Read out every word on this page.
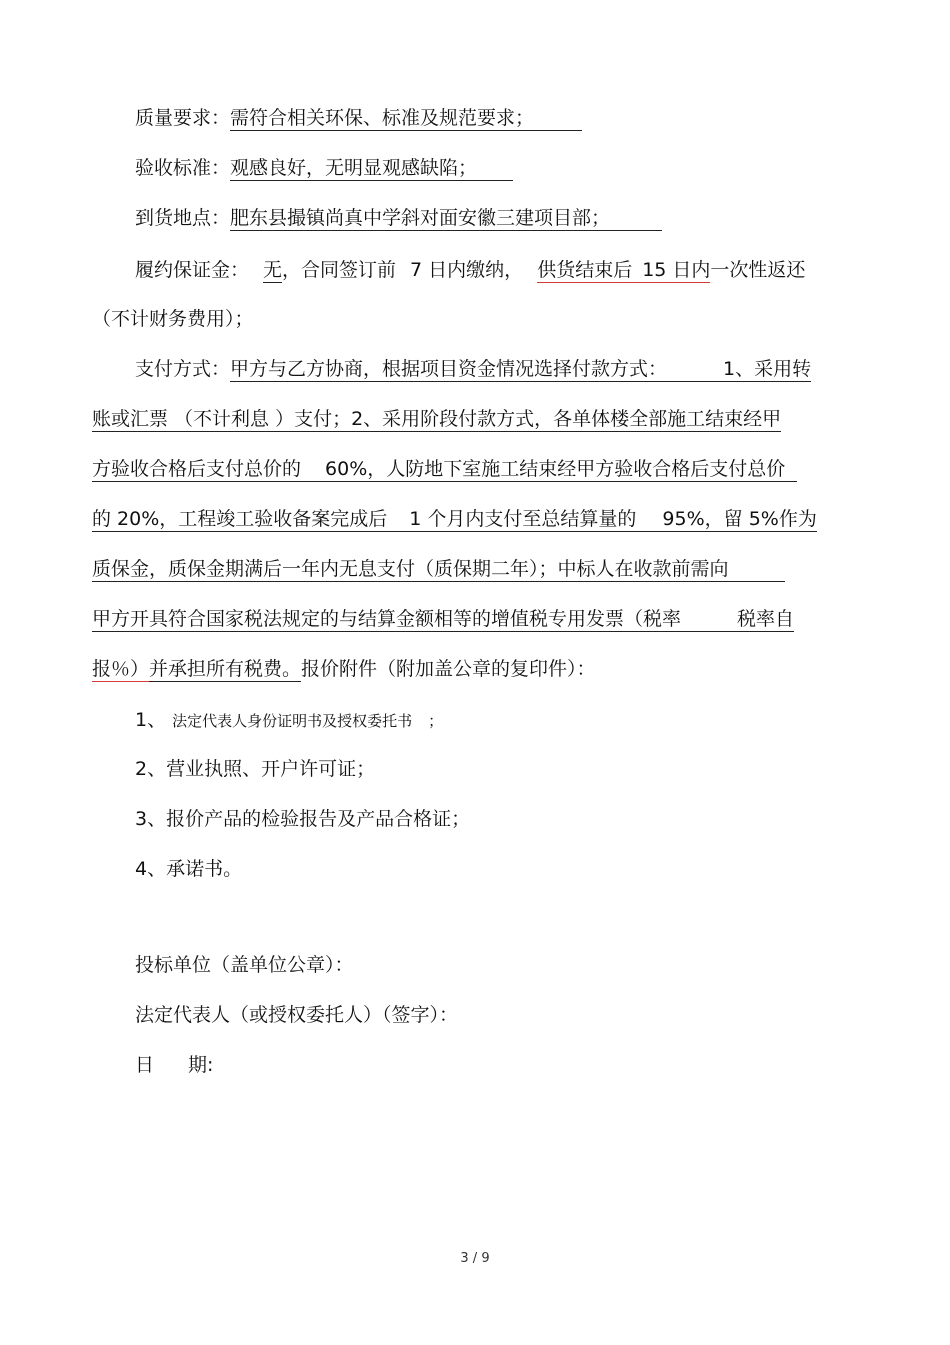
质量要求：需符合相关环保、标准及规范要求；
验收标准：观感良好，无明显观感缺陷；
到货地点：肥东县撮镇尚真中学斜对面安徽三建项目部；
履约保证金： 无，合同签订前 7 日内缴纳， 供货结束后 15 日内一次性返还
（不计财务费用）；
支付方式：甲方与乙方协商，根据项目资金情况选择付款方式：	1、采用转
账或汇票 （不计利息 ）支付；2、采用阶段付款方式，各单体楼全部施工结束经甲
方验收合格后支付总价的 60%，人防地下室施工结束经甲方验收合格后支付总价
的 20%，工程竣工验收备案完成后 1 个月内支付至总结算量的 95%，留 5%作为
质保金，质保金期满后一年内无息支付（质保期二年）；中标人在收款前需向
甲方开具符合国家税法规定的与结算金额相等的增值税专用发票（税率	税率自
报％）并承担所有税费。报价附件（附加盖公章的复印件）：
1、 法定代表人身份证明书及授权委托书 ；
2、营业执照、开户许可证；
3、报价产品的检验报告及产品合格证；
4、承诺书。
投标单位（盖单位公章）：
法定代表人（或授权委托人）（签字）：
日 期:
3 / 9
